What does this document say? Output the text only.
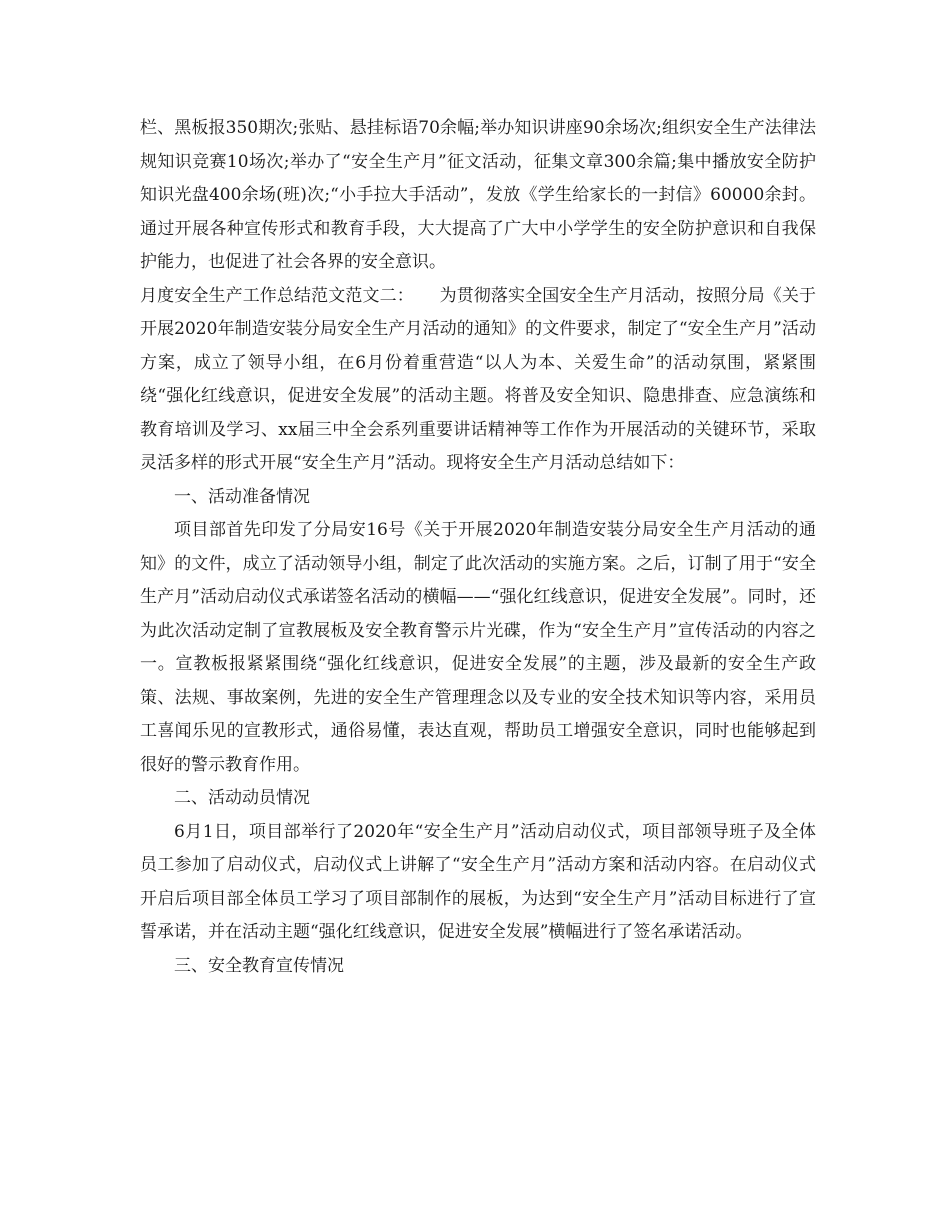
栏、黑板报350期次;张贴、悬挂标语70余幅;举办知识讲座90余场次;组织安全生产法律法规知识竞赛10场次;举办了“安全生产月”征文活动，征集文章300余篇;集中播放安全防护知识光盘400余场(班)次;“小手拉大手活动”，发放《学生给家长的一封信》60000余封。通过开展各种宣传形式和教育手段，大大提高了广大中小学学生的安全防护意识和自我保护能力，也促进了社会各界的安全意识。

月度安全生产工作总结范文范文二：　　为贯彻落实全国安全生产月活动，按照分局《关于开展2020年制造安装分局安全生产月活动的通知》的文件要求，制定了“安全生产月”活动方案，成立了领导小组，在6月份着重营造“以人为本、关爱生命”的活动氛围，紧紧围绕“强化红线意识，促进安全发展”的活动主题。将普及安全知识、隐患排查、应急演练和教育培训及学习、xx届三中全会系列重要讲话精神等工作作为开展活动的关键环节，采取灵活多样的形式开展“安全生产月”活动。现将安全生产月活动总结如下：

一、活动准备情况

项目部首先印发了分局安16号《关于开展2020年制造安装分局安全生产月活动的通知》的文件，成立了活动领导小组，制定了此次活动的实施方案。之后，订制了用于“安全生产月”活动启动仪式承诺签名活动的横幅——“强化红线意识，促进安全发展”。同时，还为此次活动定制了宣教展板及安全教育警示片光碟，作为“安全生产月”宣传活动的内容之一。宣教板报紧紧围绕“强化红线意识，促进安全发展”的主题，涉及最新的安全生产政策、法规、事故案例，先进的安全生产管理理念以及专业的安全技术知识等内容，采用员工喜闻乐见的宣教形式，通俗易懂，表达直观，帮助员工增强安全意识，同时也能够起到很好的警示教育作用。

二、活动动员情况

6月1日，项目部举行了2020年“安全生产月”活动启动仪式，项目部领导班子及全体员工参加了启动仪式，启动仪式上讲解了“安全生产月”活动方案和活动内容。在启动仪式开启后项目部全体员工学习了项目部制作的展板，为达到“安全生产月”活动目标进行了宣誓承诺，并在活动主题“强化红线意识，促进安全发展”横幅进行了签名承诺活动。

三、安全教育宣传情况
